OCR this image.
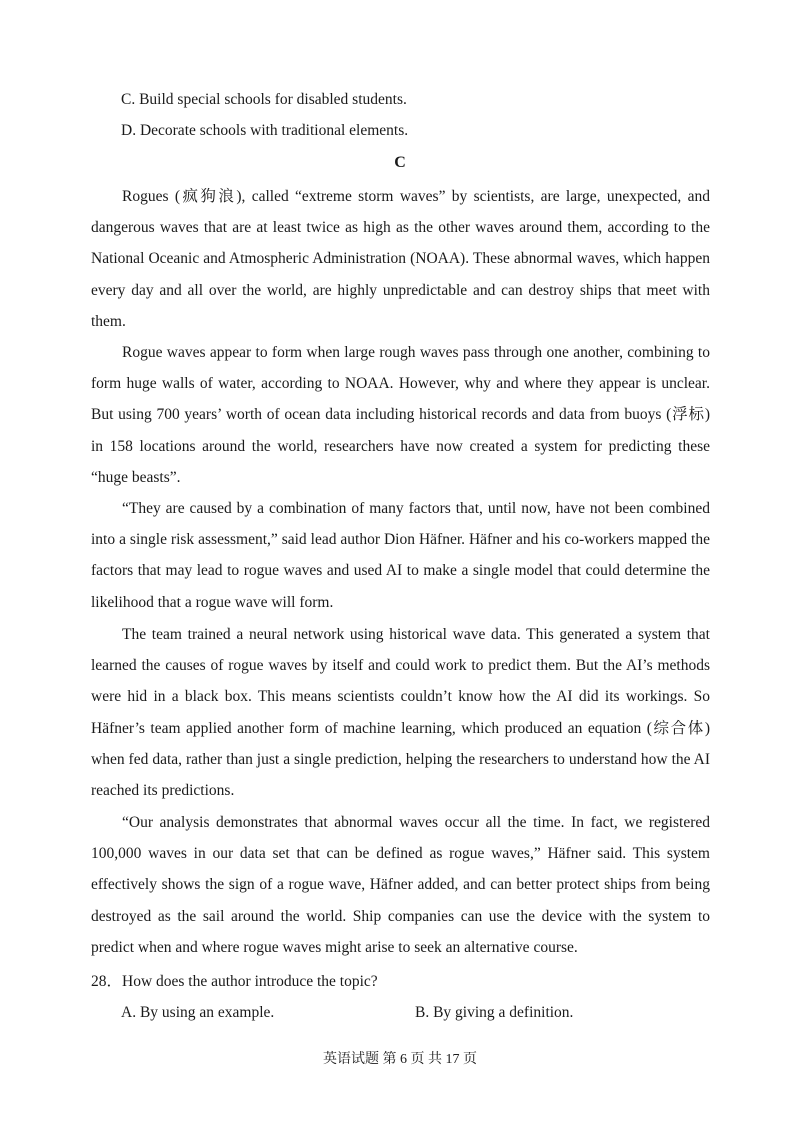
C. Build special schools for disabled students.
D. Decorate schools with traditional elements.
C

Rogues (疯狗浪), called “extreme storm waves” by scientists, are large, unexpected, and dangerous waves that are at least twice as high as the other waves around them, according to the National Oceanic and Atmospheric Administration (NOAA). These abnormal waves, which happen every day and all over the world, are highly unpredictable and can destroy ships that meet with them.

Rogue waves appear to form when large rough waves pass through one another, combining to form huge walls of water, according to NOAA. However, why and where they appear is unclear. But using 700 years’ worth of ocean data including historical records and data from buoys (浮标) in 158 locations around the world, researchers have now created a system for predicting these “huge beasts”.

“They are caused by a combination of many factors that, until now, have not been combined into a single risk assessment,” said lead author Dion Häfner. Häfner and his co-workers mapped the factors that may lead to rogue waves and used AI to make a single model that could determine the likelihood that a rogue wave will form.

The team trained a neural network using historical wave data. This generated a system that learned the causes of rogue waves by itself and could work to predict them. But the AI’s methods were hid in a black box. This means scientists couldn’t know how the AI did its workings. So Häfner’s team applied another form of machine learning, which produced an equation (综合体) when fed data, rather than just a single prediction, helping the researchers to understand how the AI reached its predictions.

“Our analysis demonstrates that abnormal waves occur all the time. In fact, we registered 100,000 waves in our data set that can be defined as rogue waves,” Häfner said. This system effectively shows the sign of a rogue wave, Häfner added, and can better protect ships from being destroyed as the sail around the world. Ship companies can use the device with the system to predict when and where rogue waves might arise to seek an alternative course.

28．How does the author introduce the topic?
A. By using an example.	B. By giving a definition.
英语试题 第 6 页 共 17 页
